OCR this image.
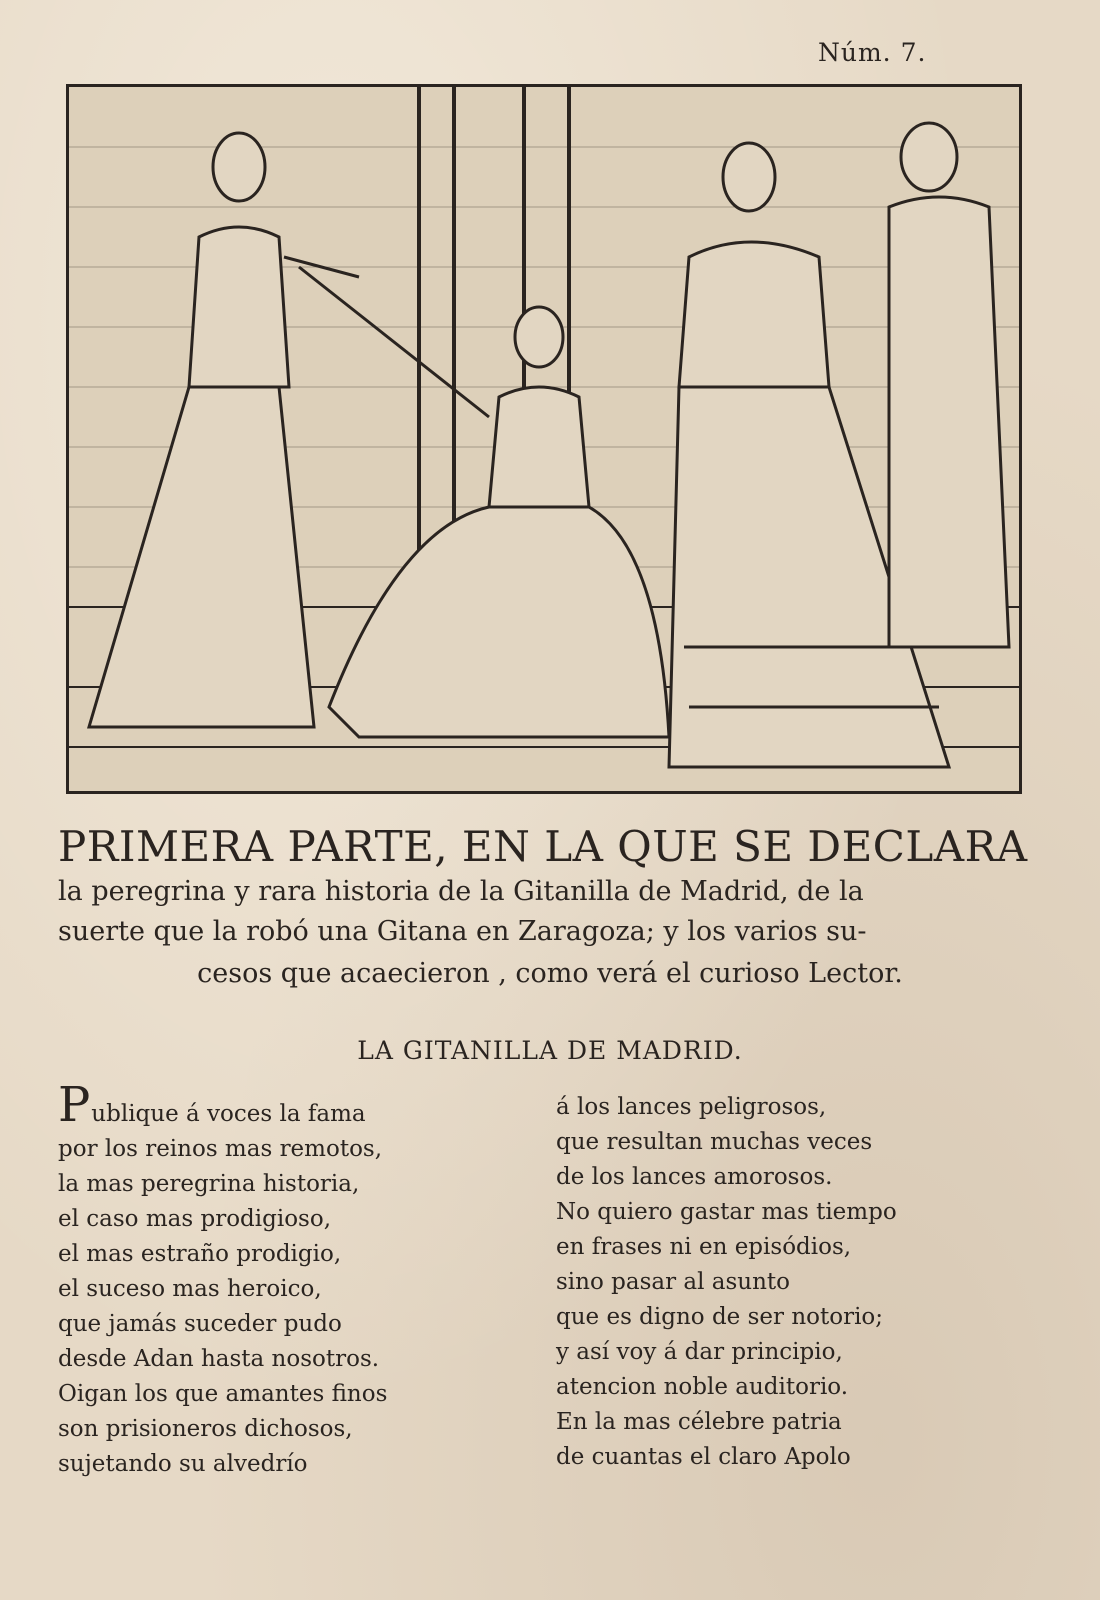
Núm. 7.
PRIMERA PARTE, EN LA QUE SE DECLARA
la peregrina y rara historia de la Gitanilla de Madrid, de la
suerte que la robó una Gitana en Zaragoza; y los varios su-
cesos que acaecieron , como verá el curioso Lector.
LA GITANILLA DE MADRID.
Publique á voces la fama
por los reinos mas remotos,
la mas peregrina historia,
el caso mas prodigioso,
el mas estraño prodigio,
el suceso mas heroico,
que jamás suceder pudo
desde Adan hasta nosotros.
Oigan los que amantes finos
son prisioneros dichosos,
sujetando su alvedrío
á los lances peligrosos,
que resultan muchas veces
de los lances amorosos.
No quiero gastar mas tiempo
en frases ni en episódios,
sino pasar al asunto
que es digno de ser notorio;
y así voy á dar principio,
atencion noble auditorio.
En la mas célebre patria
de cuantas el claro Apolo
